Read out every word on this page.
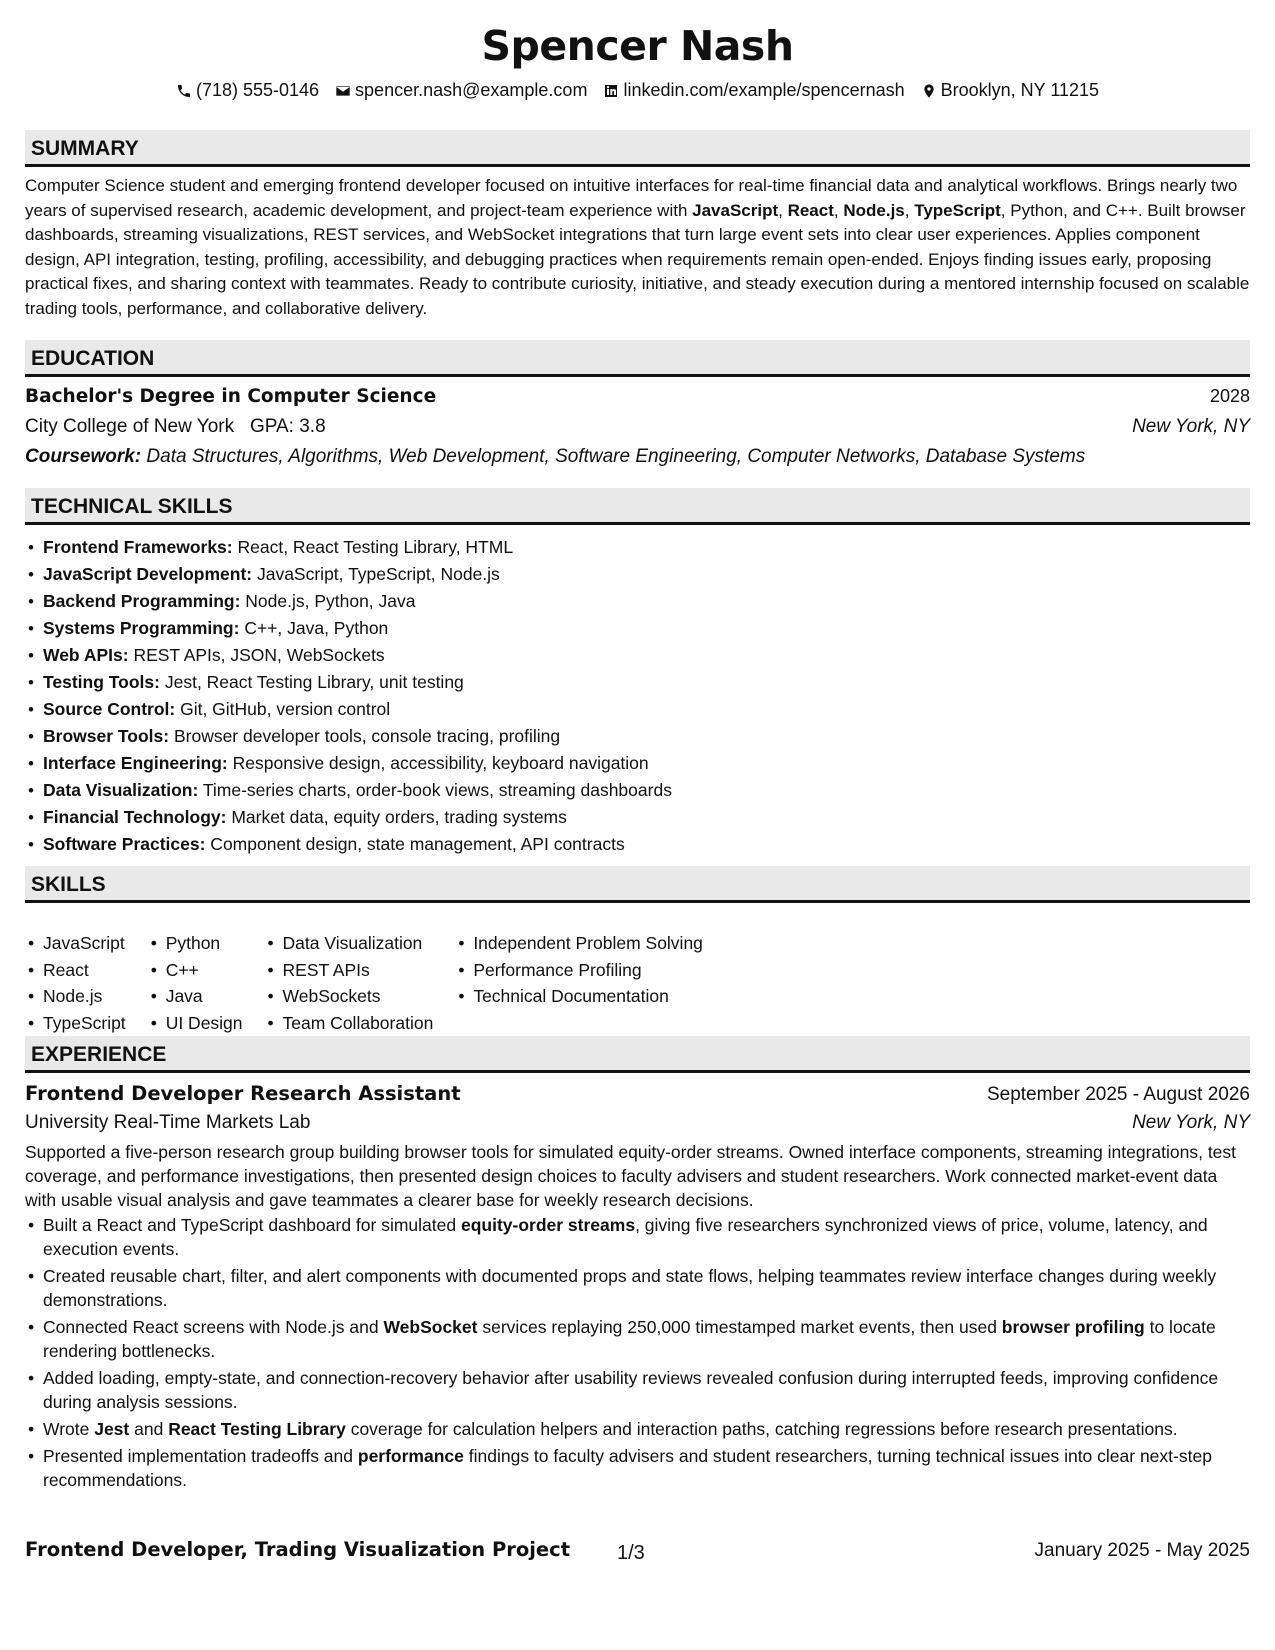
Spencer Nash
(718) 555-0146 spencer.nash@example.com linkedin.com/example/spencernash Brooklyn, NY 11215
SUMMARY
Computer Science student and emerging frontend developer focused on intuitive interfaces for real-time financial data and analytical workflows. Brings nearly two years of supervised research, academic development, and project-team experience with JavaScript, React, Node.js, TypeScript, Python, and C++. Built browser dashboards, streaming visualizations, REST services, and WebSocket integrations that turn large event sets into clear user experiences. Applies component design, API integration, testing, profiling, accessibility, and debugging practices when requirements remain open-ended. Enjoys finding issues early, proposing practical fixes, and sharing context with teammates. Ready to contribute curiosity, initiative, and steady execution during a mentored internship focused on scalable trading tools, performance, and collaborative delivery.
EDUCATION
Bachelor's Degree in Computer Science	2028
City College of New York GPA: 3.8	New York, NY
Coursework: Data Structures, Algorithms, Web Development, Software Engineering, Computer Networks, Database Systems
TECHNICAL SKILLS
• Frontend Frameworks: React, React Testing Library, HTML
• JavaScript Development: JavaScript, TypeScript, Node.js
• Backend Programming: Node.js, Python, Java
• Systems Programming: C++, Java, Python
• Web APIs: REST APIs, JSON, WebSockets
• Testing Tools: Jest, React Testing Library, unit testing
• Source Control: Git, GitHub, version control
• Browser Tools: Browser developer tools, console tracing, profiling
• Interface Engineering: Responsive design, accessibility, keyboard navigation
• Data Visualization: Time-series charts, order-book views, streaming dashboards
• Financial Technology: Market data, equity orders, trading systems
• Software Practices: Component design, state management, API contracts
SKILLS
• JavaScript
• React
• Node.js
• TypeScript
• Python
• C++
• Java
• UI Design
• Data Visualization
• REST APIs
• WebSockets
• Team Collaboration
• Independent Problem Solving
• Performance Profiling
• Technical Documentation
EXPERIENCE
Frontend Developer Research Assistant	September 2025 - August 2026
University Real-Time Markets Lab	New York, NY
Supported a five-person research group building browser tools for simulated equity-order streams. Owned interface components, streaming integrations, test coverage, and performance investigations, then presented design choices to faculty advisers and student researchers. Work connected market-event data with usable visual analysis and gave teammates a clearer base for weekly research decisions.
• Built a React and TypeScript dashboard for simulated equity-order streams, giving five researchers synchronized views of price, volume, latency, and execution events.
• Created reusable chart, filter, and alert components with documented props and state flows, helping teammates review interface changes during weekly demonstrations.
• Connected React screens with Node.js and WebSocket services replaying 250,000 timestamped market events, then used browser profiling to locate rendering bottlenecks.
• Added loading, empty-state, and connection-recovery behavior after usability reviews revealed confusion during interrupted feeds, improving confidence during analysis sessions.
• Wrote Jest and React Testing Library coverage for calculation helpers and interaction paths, catching regressions before research presentations.
• Presented implementation tradeoffs and performance findings to faculty advisers and student researchers, turning technical issues into clear next-step recommendations.
Frontend Developer, Trading Visualization Project	January 2025 - May 2025
1/3
